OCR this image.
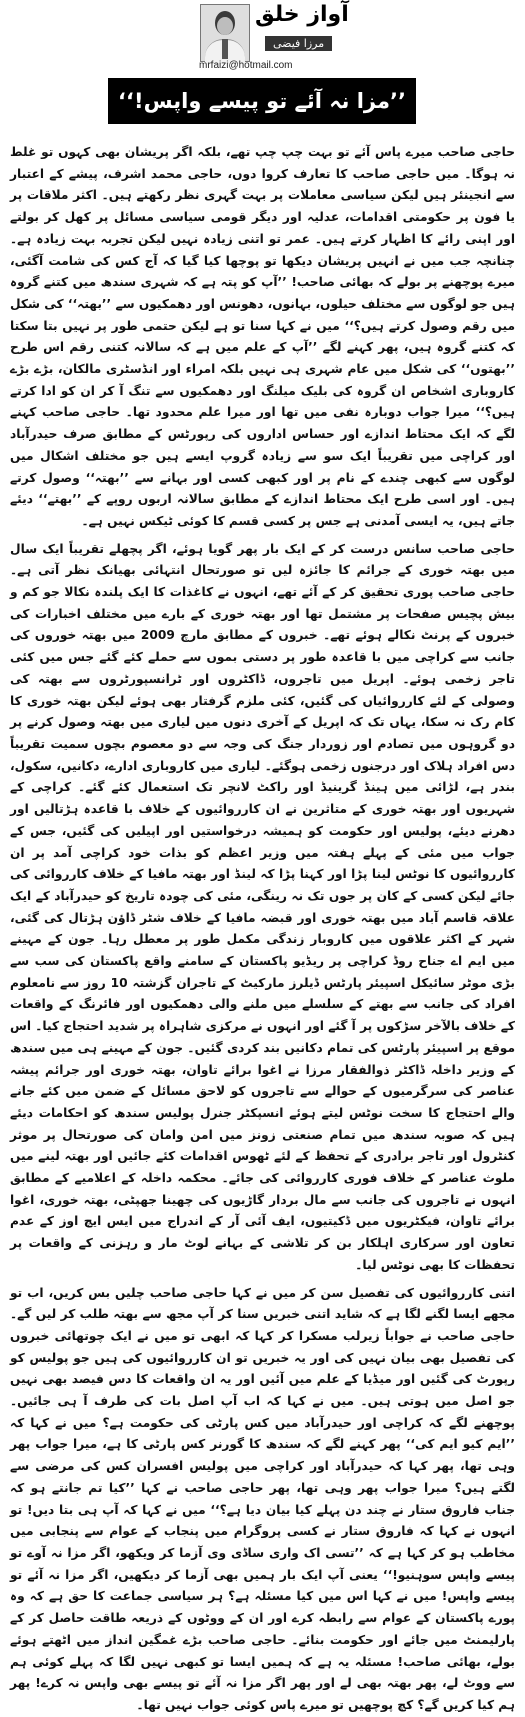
آواز خلق
مرزا فیضی
mrfaizi@hotmail.com
’’مزا نہ آئے تو پیسے واپس!‘‘

حاجی صاحب میرے پاس آئے تو بہت چپ چپ تھے، بلکہ اگر پریشان بھی کہوں تو غلط نہ ہوگا۔ میں حاجی صاحب کا تعارف کروا دوں، حاجی محمد اشرف، پیشے کے اعتبار سے انجینئر ہیں لیکن سیاسی معاملات پر بہت گہری نظر رکھتے ہیں۔ اکثر ملاقات پر یا فون پر حکومتی اقدامات، عدلیہ اور دیگر قومی سیاسی مسائل پر کھل کر بولتے اور اپنی رائے کا اظہار کرتے ہیں۔ عمر تو اتنی زیادہ نہیں لیکن تجربہ بہت زیادہ ہے۔ چنانچہ جب میں نے انہیں پریشان دیکھا تو پوچھا کیا گیا کہ آج کس کی شامت آگئی، میرے پوچھنے پر بولے کہ بھائی صاحب! ’’آپ کو پتہ ہے کہ شہری سندھ میں کتنے گروہ ہیں جو لوگوں سے مختلف حیلوں، بہانوں، دھونس اور دھمکیوں سے ’’بھتہ‘‘ کی شکل میں رقم وصول کرتے ہیں؟‘‘ میں نے کہا سنا تو ہے لیکن حتمی طور پر نہیں بتا سکتا کہ کتنے گروہ ہیں، پھر کہنے لگے ’’آپ کے علم میں ہے کہ سالانہ کتنی رقم اس طرح ’’بھتوں‘‘ کی شکل میں عام شہری ہی نہیں بلکہ امراء اور انڈسٹری مالکان، بڑے بڑے کاروباری اشخاص ان گروہ کی بلیک میلنگ اور دھمکیوں سے تنگ آ کر ان کو ادا کرتے ہیں؟‘‘ میرا جواب دوبارہ نفی میں تھا اور میرا علم محدود تھا۔ حاجی صاحب کہنے لگے کہ ایک محتاط اندازے اور حساس اداروں کی رپورٹس کے مطابق صرف حیدرآباد اور کراچی میں تقریباً ایک سو سے زیادہ گروپ ایسے ہیں جو مختلف اشکال میں لوگوں سے کبھی چندے کے نام پر اور کبھی کسی اور بہانے سے ’’بھتہ‘‘ وصول کرتے ہیں۔ اور اسی طرح ایک محتاط اندازے کے مطابق سالانہ اربوں روپے کے ’’بھتے‘‘ دیئے جاتے ہیں، یہ ایسی آمدنی ہے جس پر کسی قسم کا کوئی ٹیکس نہیں ہے۔

حاجی صاحب سانس درست کر کے ایک بار پھر گویا ہوئے، اگر پچھلے تقریباً ایک سال میں بھتہ خوری کے جرائم کا جائزہ لیں تو صورتحال انتہائی بھیانک نظر آتی ہے۔ حاجی صاحب پوری تحقیق کر کے آئے تھے، انہوں نے کاغذات کا ایک پلندہ نکالا جو کم و بیش پچیس صفحات پر مشتمل تھا اور بھتہ خوری کے بارے میں مختلف اخبارات کی خبروں کے پرنٹ نکالے ہوئے تھے۔ خبروں کے مطابق مارچ 2009 میں بھتہ خوروں کی جانب سے کراچی میں با قاعدہ طور پر دستی بموں سے حملے کئے گئے جس میں کئی تاجر زخمی ہوئے۔ اپریل میں تاجروں، ڈاکٹروں اور ٹرانسپورٹروں سے بھتہ کی وصولی کے لئے کارروائیاں کی گئیں، کئی ملزم گرفتار بھی ہوئے لیکن بھتہ خوری کا کام رک نہ سکا، یہاں تک کہ اپریل کے آخری دنوں میں لیاری میں بھتہ وصول کرنے پر دو گروہوں میں تصادم اور زوردار جنگ کی وجہ سے دو معصوم بچوں سمیت تقریباً دس افراد ہلاک اور درجنوں زخمی ہوگئے۔ لیاری میں کاروباری ادارے، دکانیں، سکول، بندر ہے، لڑائی میں ہینڈ گرینیڈ اور راکٹ لانچر تک استعمال کئے گئے۔ کراچی کے شہریوں اور بھتہ خوری کے متاثرین نے ان کارروائیوں کے خلاف با قاعدہ ہڑتالیں اور دھرنے دیئے، پولیس اور حکومت کو ہمیشہ درخواستیں اور اپیلیں کی گئیں، جس کے جواب میں مئی کے پہلے ہفتہ میں وزیر اعظم کو بذات خود کراچی آمد پر ان کارروائیوں کا نوٹس لینا پڑا اور کہنا پڑا کہ لینڈ اور بھتہ مافیا کے خلاف کارروائی کی جائے لیکن کسی کے کان پر جوں تک نہ رینگی، مئی کی چودہ تاریخ کو حیدرآباد کے ایک علاقہ قاسم آباد میں بھتہ خوری اور قبضہ مافیا کے خلاف شٹر ڈاؤن ہڑتال کی گئی، شہر کے اکثر علاقوں میں کاروبار زندگی مکمل طور پر معطل رہا۔ جون کے مہینے میں ایم اے جناح روڈ کراچی پر ریڈیو پاکستان کے سامنے واقع پاکستان کی سب سے بڑی موٹر سائیکل اسپیئر پارٹس ڈیلرز مارکیٹ کے تاجران گزشتہ 10 روز سے نامعلوم افراد کی جانب سے بھتے کے سلسلے میں ملنے والی دھمکیوں اور فائرنگ کے واقعات کے خلاف بالآخر سڑکوں پر آ گئے اور انہوں نے مرکزی شاہراہ پر شدید احتجاج کیا۔ اس موقع پر اسپیئر پارٹس کی تمام دکانیں بند کردی گئیں۔ جون کے مہینے ہی میں سندھ کے وزیر داخلہ ڈاکٹر ذوالفقار مرزا نے اغوا برائے تاوان، بھتہ خوری اور جرائم پیشہ عناصر کی سرگرمیوں کے حوالے سے تاجروں کو لاحق مسائل کے ضمن میں کئے جانے والے احتجاج کا سخت نوٹس لیتے ہوئے انسپکٹر جنرل پولیس سندھ کو احکامات دیئے ہیں کہ صوبہ سندھ میں تمام صنعتی زونز میں امن وامان کی صورتحال پر موثر کنٹرول اور تاجر برادری کے تحفظ کے لئے ٹھوس اقدامات کئے جائیں اور بھتہ لینے میں ملوث عناصر کے خلاف فوری کارروائی کی جائے۔ محکمہ داخلہ کے اعلامیے کے مطابق انہوں نے تاجروں کی جانب سے مال بردار گاڑیوں کی چھینا جھپٹی، بھتہ خوری، اغوا برائے تاوان، فیکٹریوں میں ڈکیتیوں، ایف آئی آر کے اندراج میں ایس ایچ اوز کے عدم تعاون اور سرکاری اہلکار بن کر تلاشی کے بہانے لوٹ مار و رہزنی کے واقعات پر تحفظات کا بھی نوٹس لیا۔

اتنی کارروائیوں کی تفصیل سن کر میں نے کہا حاجی صاحب چلیں بس کریں، اب تو مجھے ایسا لگنے لگا ہے کہ شاید اتنی خبریں سنا کر آپ مجھ سے بھتہ طلب کر لیں گے۔ حاجی صاحب نے جواباً زیرلب مسکرا کر کہا کہ ابھی تو میں نے ایک چوتھائی خبروں کی تفصیل بھی بیان نہیں کی اور یہ خبریں تو ان کارروائیوں کی ہیں جو پولیس کو رپورٹ کی گئیں اور میڈیا کے علم میں آئیں اور یہ ان واقعات کا دس فیصد بھی نہیں جو اصل میں ہوتی ہیں۔ میں نے کہا کہ اب آپ اصل بات کی طرف آ ہی جائیں۔ پوچھنے لگے کہ کراچی اور حیدرآباد میں کس پارٹی کی حکومت ہے؟ میں نے کہا کہ ’’ایم کیو ایم کی‘‘ پھر کہنے لگے کہ سندھ کا گورنر کس پارٹی کا ہے، میرا جواب پھر وہی تھا، پھر کہا کہ حیدرآباد اور کراچی میں پولیس افسران کس کی مرضی سے لگتے ہیں؟ میرا جواب پھر وہی تھا، پھر حاجی صاحب نے کہا ’’کیا تم جانتے ہو کہ جناب فاروق ستار نے چند دن پہلے کیا بیان دیا ہے؟‘‘ میں نے کہا کہ آپ ہی بتا دیں! تو انہوں نے کہا کہ فاروق ستار نے کسی پروگرام میں پنجاب کے عوام سے پنجابی میں مخاطب ہو کر کہا ہے کہ ’’تسی اک واری ساڈی وی آزما کر ویکھو، اگر مزا نہ آوے تو پیسے واپس سوہنیو!‘‘ یعنی آپ ایک بار ہمیں بھی آزما کر دیکھیں، اگر مزا نہ آئے تو پیسے واپس! میں نے کہا اس میں کیا مسئلہ ہے؟ ہر سیاسی جماعت کا حق ہے کہ وہ پورے پاکستان کے عوام سے رابطہ کرے اور ان کے ووٹوں کے ذریعہ طاقت حاصل کر کے پارلیمنٹ میں جائے اور حکومت بنائے۔ حاجی صاحب بڑے غمگین انداز میں اٹھتے ہوئے بولے، بھائی صاحب! مسئلہ یہ ہے کہ ہمیں ایسا تو کبھی نہیں لگا کہ پہلے کوئی ہم سے ووٹ لے، پھر بھتہ بھی لے اور پھر اگر مزا نہ آئے تو پیسے بھی واپس نہ کرے! پھر ہم کیا کریں گے؟ کچ پوچھیں تو میرے پاس کوئی جواب نہیں تھا۔
